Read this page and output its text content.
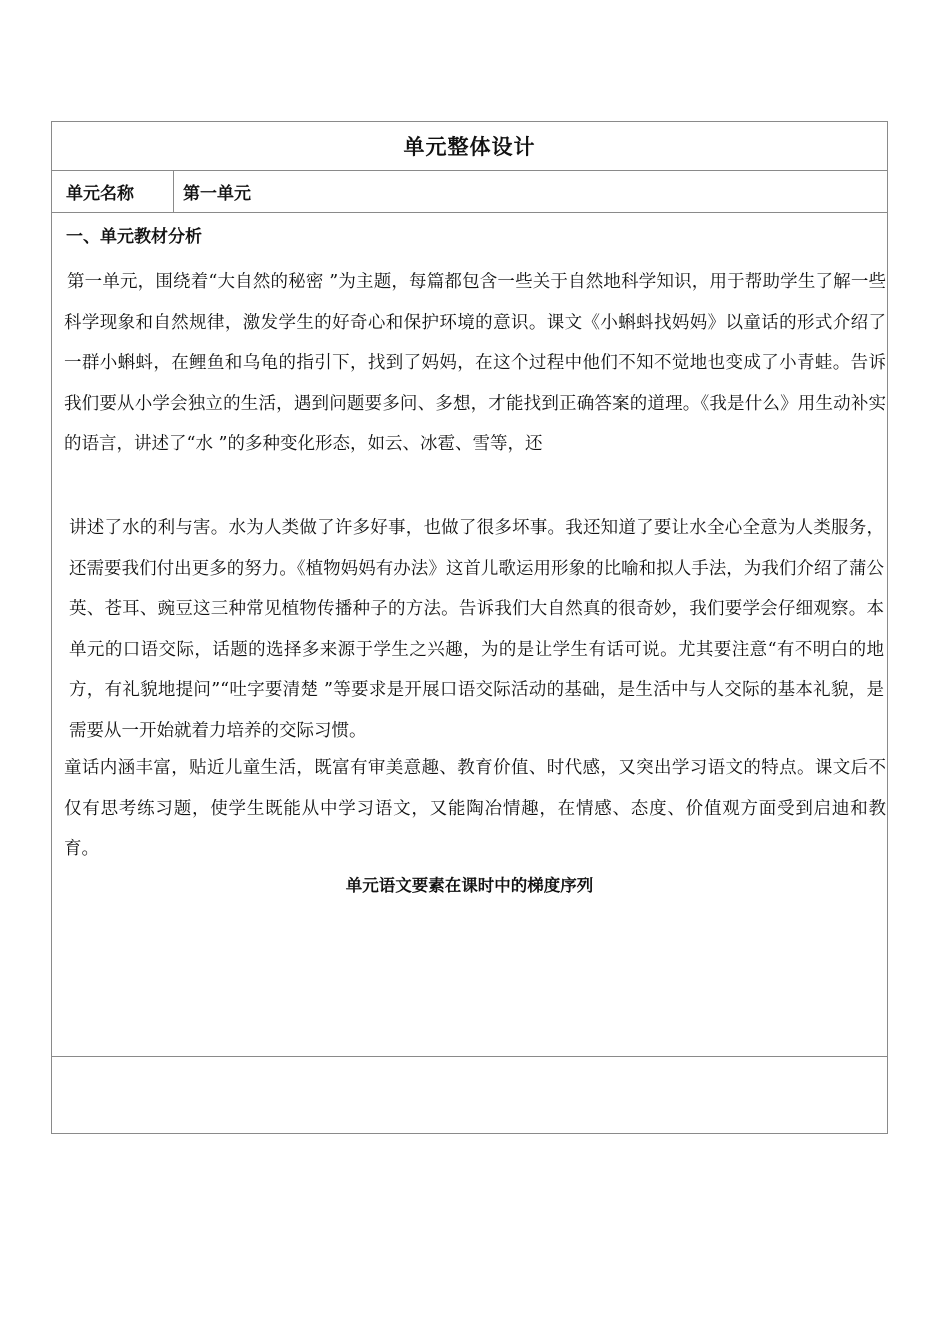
单元整体设计
单元名称	第一单元
一、单元教材分析

第一单元，围绕着“大自然的秘密 ”为主题，每篇都包含一些关于自然地科学知识，用于帮助学生了解一些科学现象和自然规律，激发学生的好奇心和保护环境的意识。课文《小蝌蚪找妈妈》以童话的形式介绍了一群小蝌蚪，在鲤鱼和乌龟的指引下，找到了妈妈，在这个过程中他们不知不觉地也变成了小青蛙。告诉我们要从小学会独立的生活，遇到问题要多问、多想，才能找到正确答案的道理。《我是什么》用生动补实的语言，讲述了“水 ”的多种变化形态，如云、冰雹、雪等，还

讲述了水的利与害。水为人类做了许多好事，也做了很多坏事。我还知道了要让水全心全意为人类服务，还需要我们付出更多的努力。《植物妈妈有办法》这首儿歌运用形象的比喻和拟人手法，为我们介绍了蒲公英、苍耳、豌豆这三种常见植物传播种子的方法。告诉我们大自然真的很奇妙，我们要学会仔细观察。本单元的口语交际，话题的选择多来源于学生之兴趣，为的是让学生有话可说。尤其要注意“有不明白的地方，有礼貌地提问”“吐字要清楚 ”等要求是开展口语交际活动的基础，是生活中与人交际的基本礼貌，是需要从一开始就着力培养的交际习惯。

童话内涵丰富，贴近儿童生活，既富有审美意趣、教育价值、时代感，又突出学习语文的特点。课文后不仅有思考练习题，使学生既能从中学习语文，又能陶冶情趣，在情感、态度、价值观方面受到启迪和教育。

单元语文要素在课时中的梯度序列
